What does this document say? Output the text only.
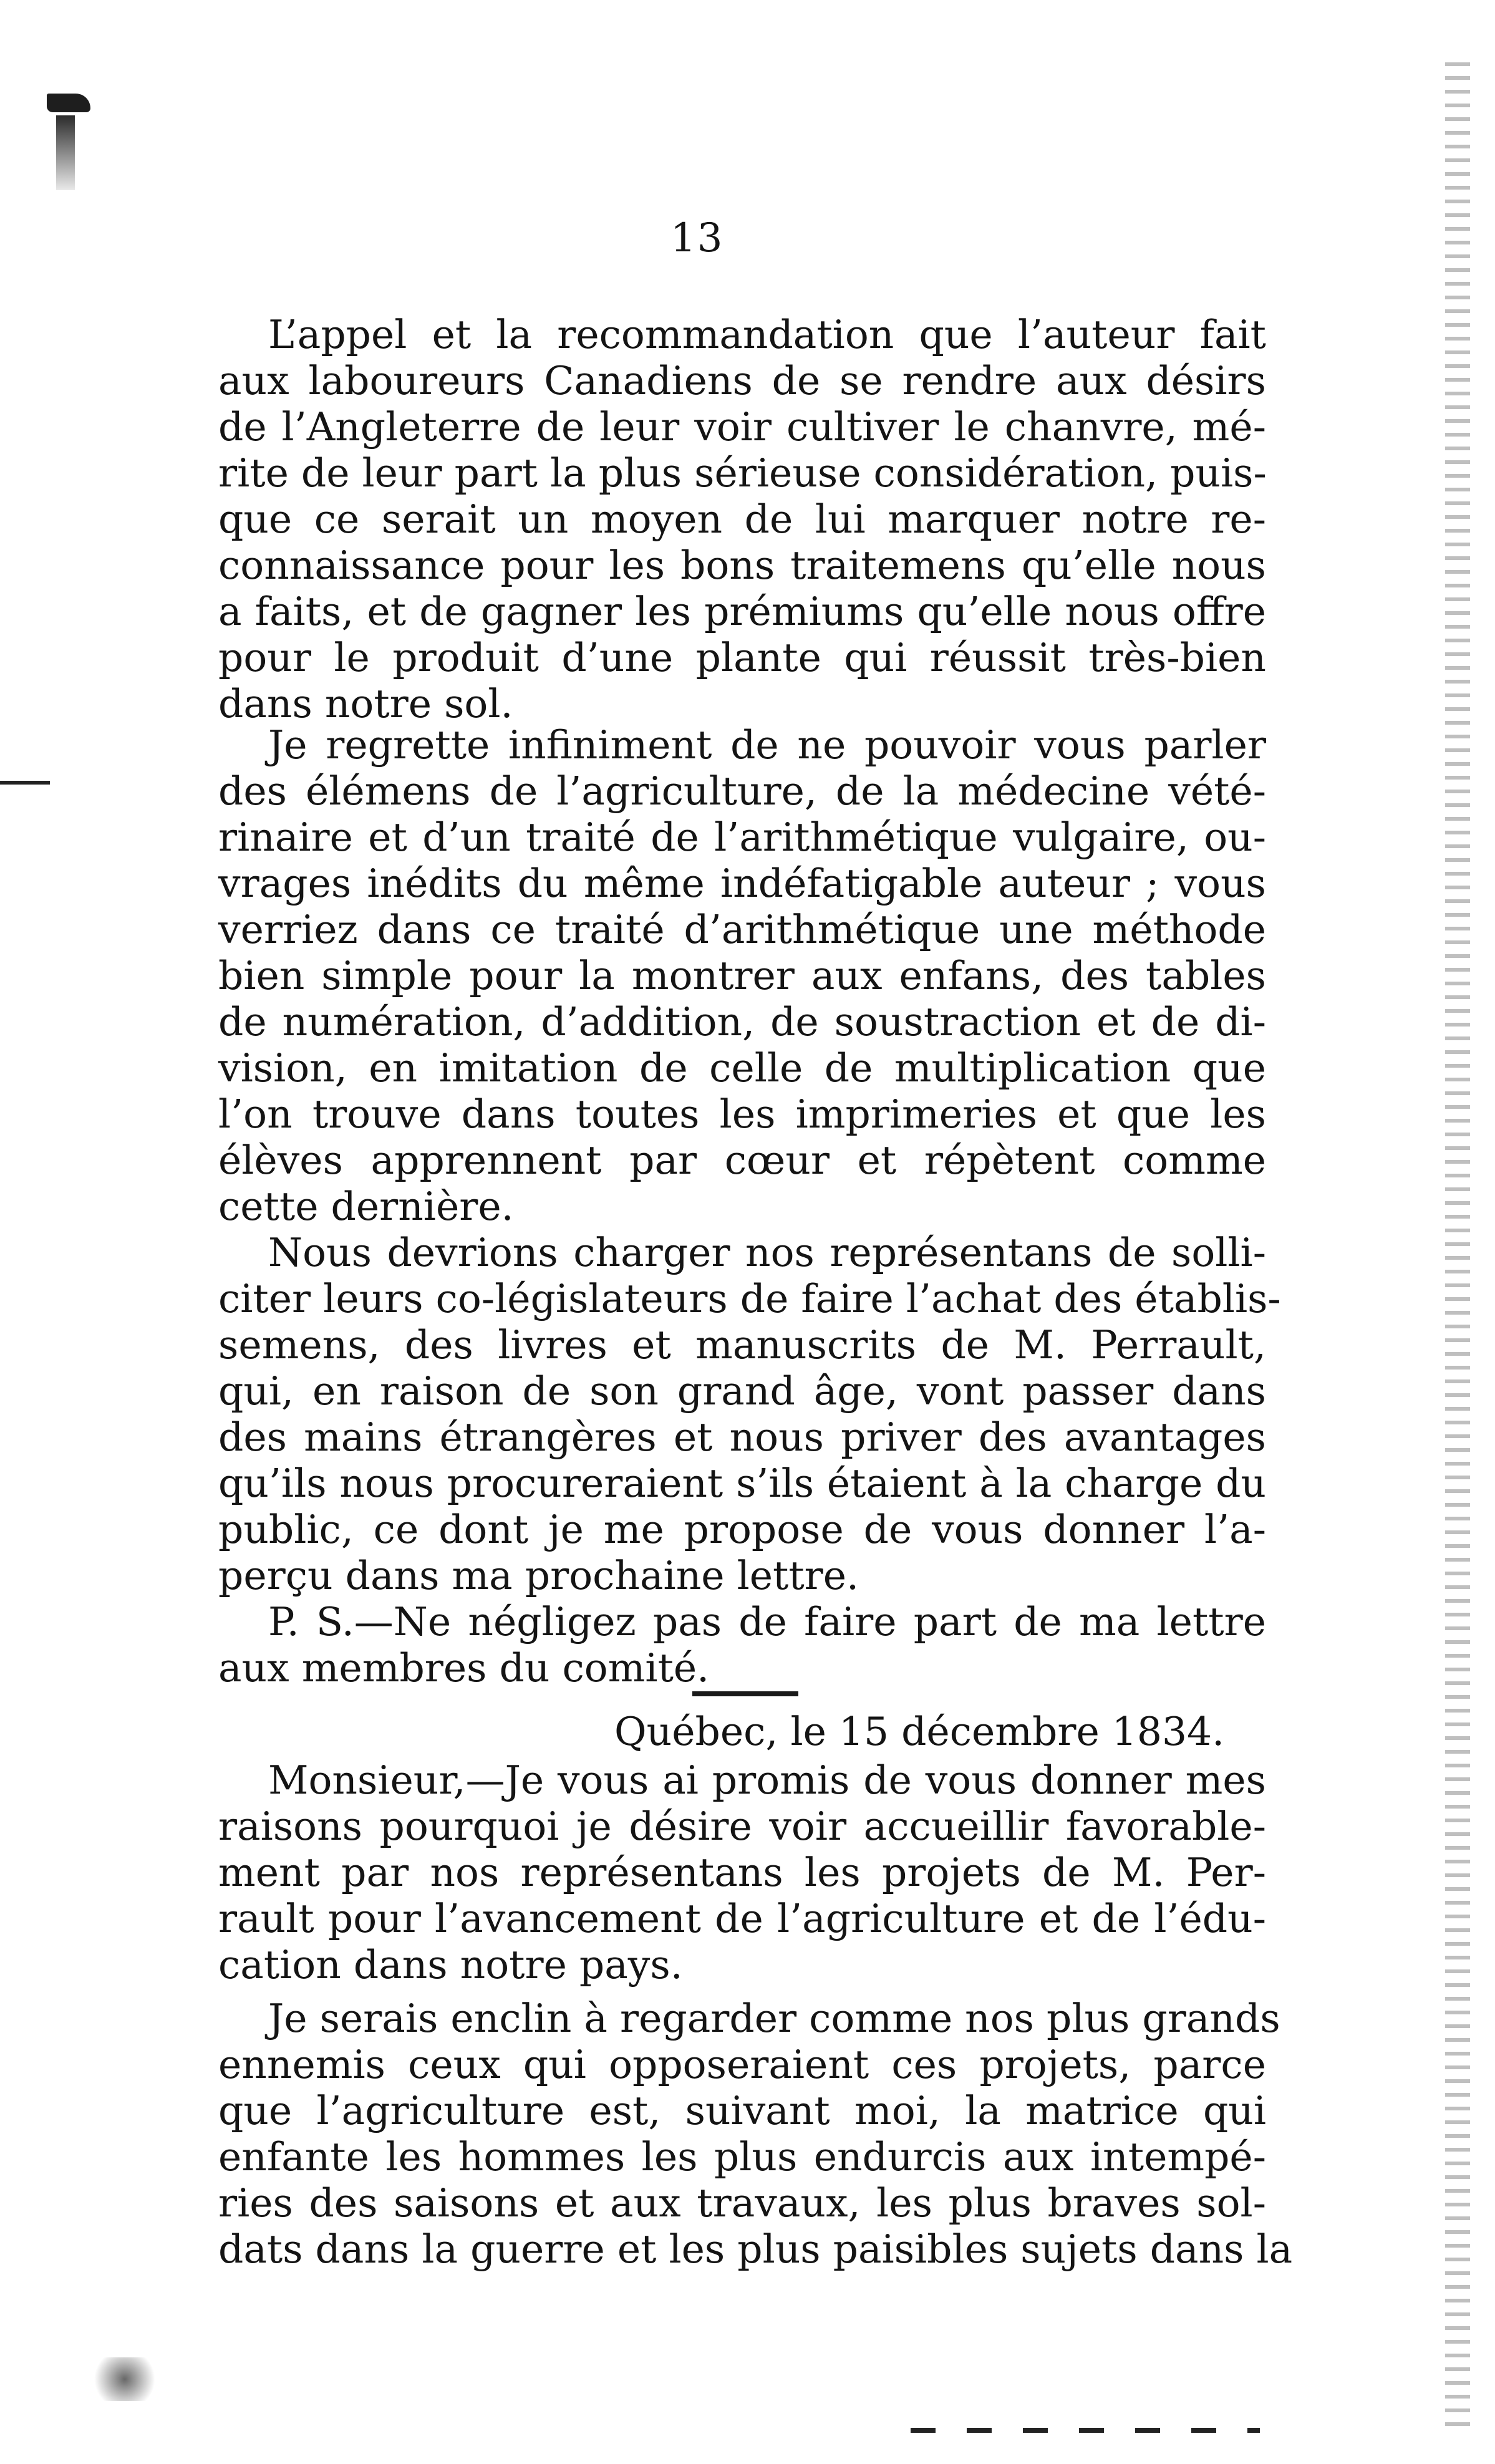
13
L’appel et la recommandation que l’auteur fait
aux laboureurs Canadiens de se rendre aux désirs
de l’Angleterre de leur voir cultiver le chanvre, mé-
rite de leur part la plus sérieuse considération, puis-
que ce serait un moyen de lui marquer notre re-
connaissance pour les bons traitemens qu’elle nous
a faits, et de gagner les prémiums qu’elle nous offre
pour le produit d’une plante qui réussit très-bien
dans notre sol.
Je regrette infiniment de ne pouvoir vous parler
des élémens de l’agriculture, de la médecine vété-
rinaire et d’un traité de l’arithmétique vulgaire, ou-
vrages inédits du même indéfatigable auteur ; vous
verriez dans ce traité d’arithmétique une méthode
bien simple pour la montrer aux enfans, des tables
de numération, d’addition, de soustraction et de di-
vision, en imitation de celle de multiplication que
l’on trouve dans toutes les imprimeries et que les
élèves apprennent par cœur et répètent comme
cette dernière.
Nous devrions charger nos représentans de solli-
citer leurs co-législateurs de faire l’achat des établis-
semens, des livres et manuscrits de M. Perrault,
qui, en raison de son grand âge, vont passer dans
des mains étrangères et nous priver des avantages
qu’ils nous procureraient s’ils étaient à la charge du
public, ce dont je me propose de vous donner l’a-
perçu dans ma prochaine lettre.
P. S.—Ne négligez pas de faire part de ma lettre
aux membres du comité.
Québec, le 15 décembre 1834.
Monsieur,—Je vous ai promis de vous donner mes
raisons pourquoi je désire voir accueillir favorable-
ment par nos représentans les projets de M. Per-
rault pour l’avancement de l’agriculture et de l’édu-
cation dans notre pays.
Je serais enclin à regarder comme nos plus grands
ennemis ceux qui opposeraient ces projets, parce
que l’agriculture est, suivant moi, la matrice qui
enfante les hommes les plus endurcis aux intempé-
ries des saisons et aux travaux, les plus braves sol-
dats dans la guerre et les plus paisibles sujets dans la
